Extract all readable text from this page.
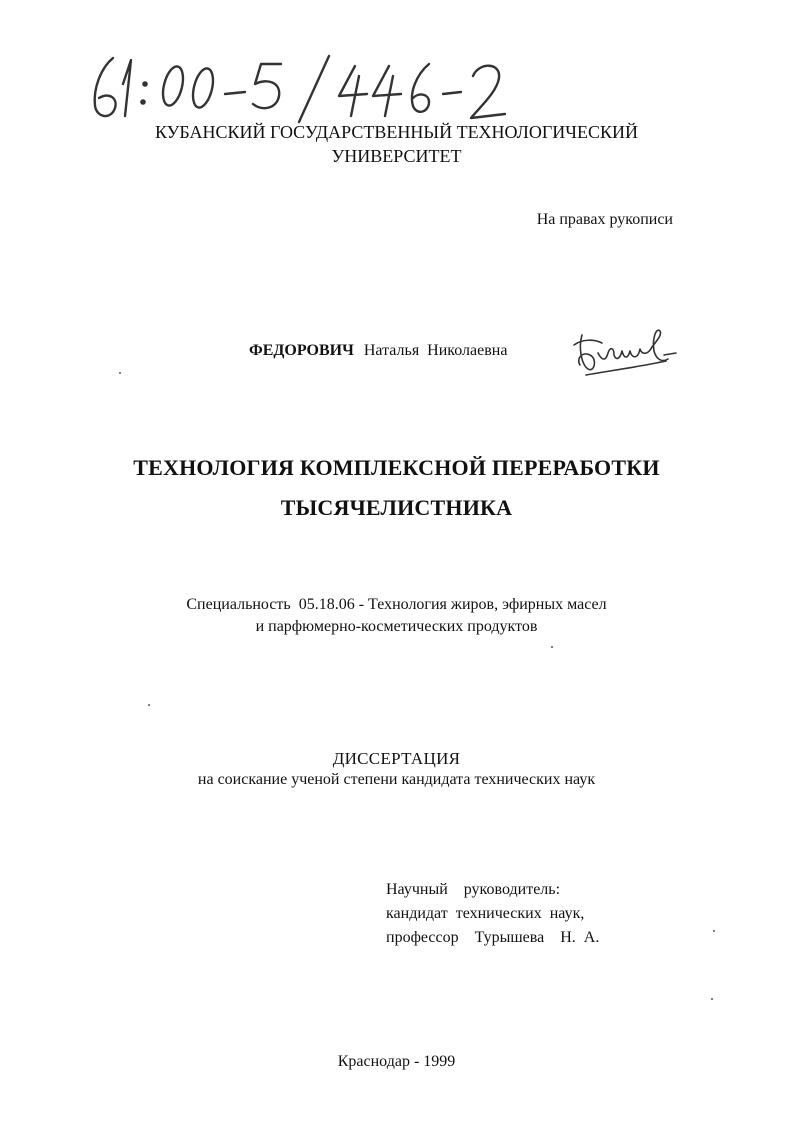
КУБАНСКИЙ ГОСУДАРСТВЕННЫЙ ТЕХНОЛОГИЧЕСКИЙ
УНИВЕРСИТЕТ
На правах рукописи
ФЕДОРОВИЧ Наталья Николаевна
ТЕХНОЛОГИЯ КОМПЛЕКСНОЙ ПЕРЕРАБОТКИ
ТЫСЯЧЕЛИСТНИКА
Специальность  05.18.06 - Технология жиров, эфирных масел
и парфюмерно-косметических продуктов
ДИССЕРТАЦИЯ
на соискание ученой степени кандидата технических наук
Научный  руководитель:
кандидат технических наук,
профессор  Турышева  Н. А.
Краснодар - 1999
